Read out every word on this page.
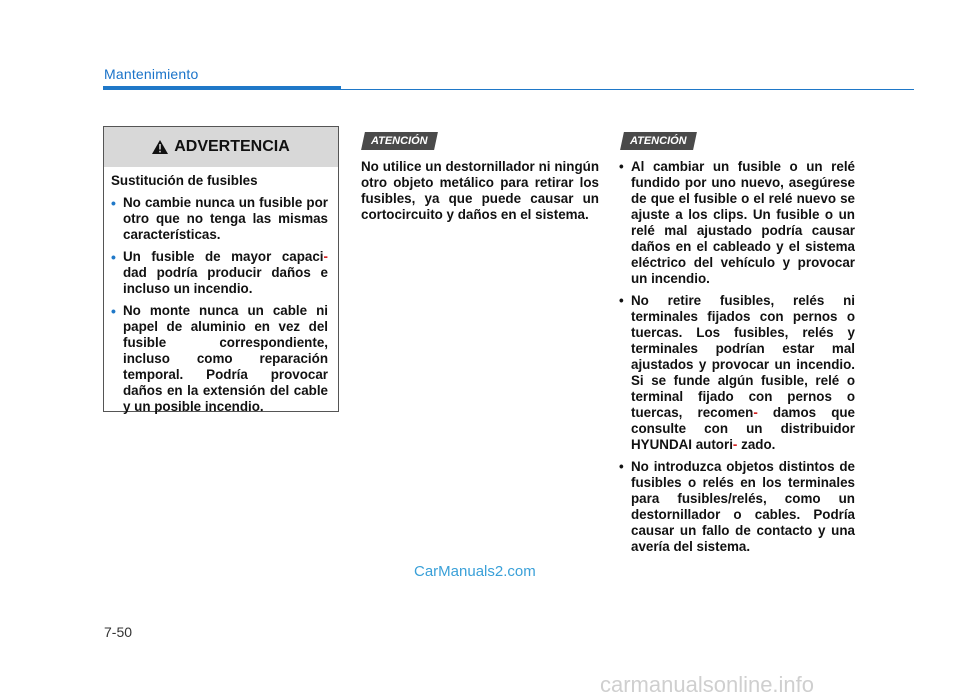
Mantenimiento
ADVERTENCIA

Sustitución de fusibles

• No cambie nunca un fusible por otro que no tenga las mismas características.
• Un fusible de mayor capaci- dad podría producir daños e incluso un incendio.
• No monte nunca un cable ni papel de aluminio en vez del fusible correspondiente, incluso como reparación temporal. Podría provocar daños en la extensión del cable y un posible incendio.
ATENCIÓN
No utilice un destornillador ni ningún otro objeto metálico para retirar los fusibles, ya que puede causar un cortocircuito y daños en el sistema.
ATENCIÓN
• Al cambiar un fusible o un relé fundido por uno nuevo, asegúrese de que el fusible o el relé nuevo se ajuste a los clips. Un fusible o un relé mal ajustado podría causar daños en el cableado y el sistema eléctrico del vehículo y provocar un incendio.
• No retire fusibles, relés ni terminales fijados con pernos o tuercas. Los fusibles, relés y terminales podrían estar mal ajustados y provocar un incendio. Si se funde algún fusible, relé o terminal fijado con pernos o tuercas, recomen- damos que consulte con un distribuidor HYUNDAI autori- zado.
• No introduzca objetos distintos de fusibles o relés en los terminales para fusibles/relés, como un destornillador o cables. Podría causar un fallo de contacto y una avería del sistema.
CarManuals2.com
7-50
carmanualsonline.info
